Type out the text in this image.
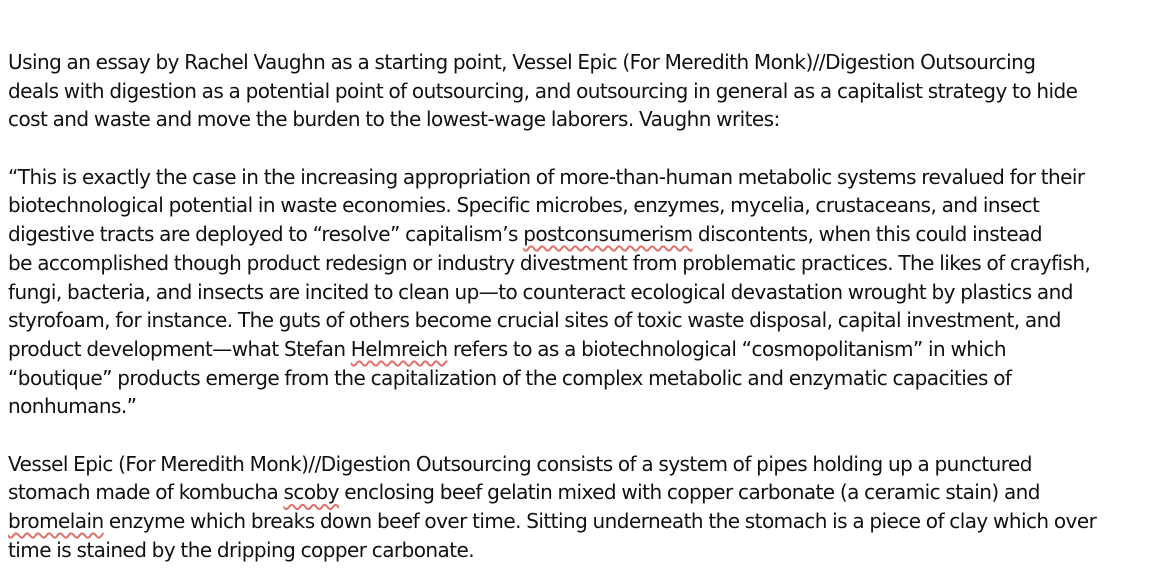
Using an essay by Rachel Vaughn as a starting point, Vessel Epic (For Meredith Monk)//Digestion Outsourcing
deals with digestion as a potential point of outsourcing, and outsourcing in general as a capitalist strategy to hide
cost and waste and move the burden to the lowest-wage laborers. Vaughn writes:

“This is exactly the case in the increasing appropriation of more-than-human metabolic systems revalued for their
biotechnological potential in waste economies. Specific microbes, enzymes, mycelia, crustaceans, and insect
digestive tracts are deployed to “resolve” capitalism’s postconsumerism discontents, when this could instead
be accomplished though product redesign or industry divestment from problematic practices. The likes of crayfish,
fungi, bacteria, and insects are incited to clean up—to counteract ecological devastation wrought by plastics and
styrofoam, for instance. The guts of others become crucial sites of toxic waste disposal, capital investment, and
product development—what Stefan Helmreich refers to as a biotechnological “cosmopolitanism” in which
“boutique” products emerge from the capitalization of the complex metabolic and enzymatic capacities of
nonhumans.”

Vessel Epic (For Meredith Monk)//Digestion Outsourcing consists of a system of pipes holding up a punctured
stomach made of kombucha scoby enclosing beef gelatin mixed with copper carbonate (a ceramic stain) and
bromelain enzyme which breaks down beef over time. Sitting underneath the stomach is a piece of clay which over
time is stained by the dripping copper carbonate.
